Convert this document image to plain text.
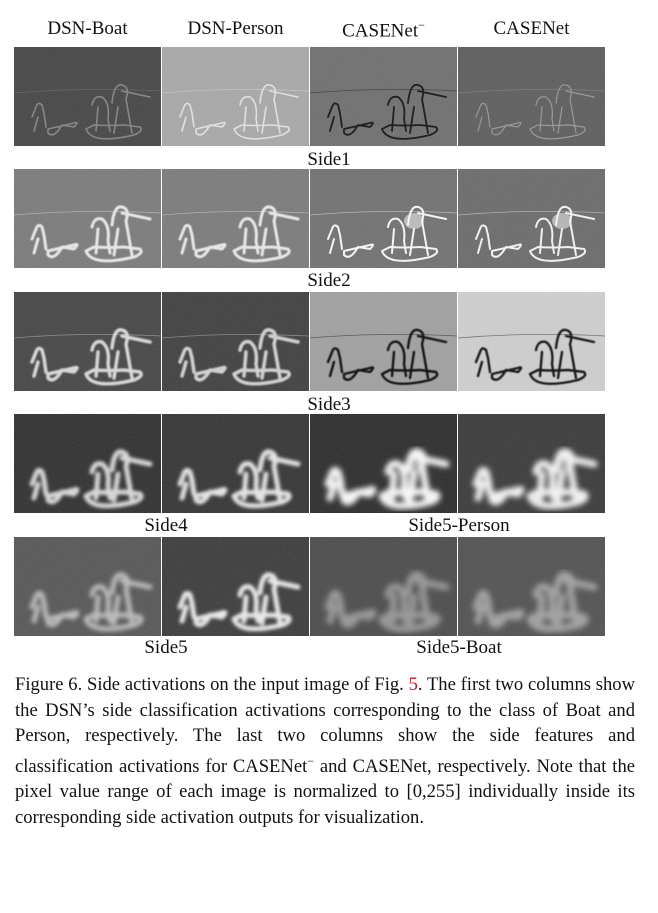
DSN-Boat	DSN-Person	CASENet−	CASENet
Side1
Side2
Side3
Side4	Side5-Person
Side5	Side5-Boat
Figure 6. Side activations on the input image of Fig. 5. The first two columns show the DSN’s side classification activations corresponding to the class of Boat and Person, respectively. The last two columns show the side features and classification activations for CASENet− and CASENet, respectively. Note that the pixel value range of each image is normalized to [0,255] individually inside its corresponding side activation outputs for visualization.
